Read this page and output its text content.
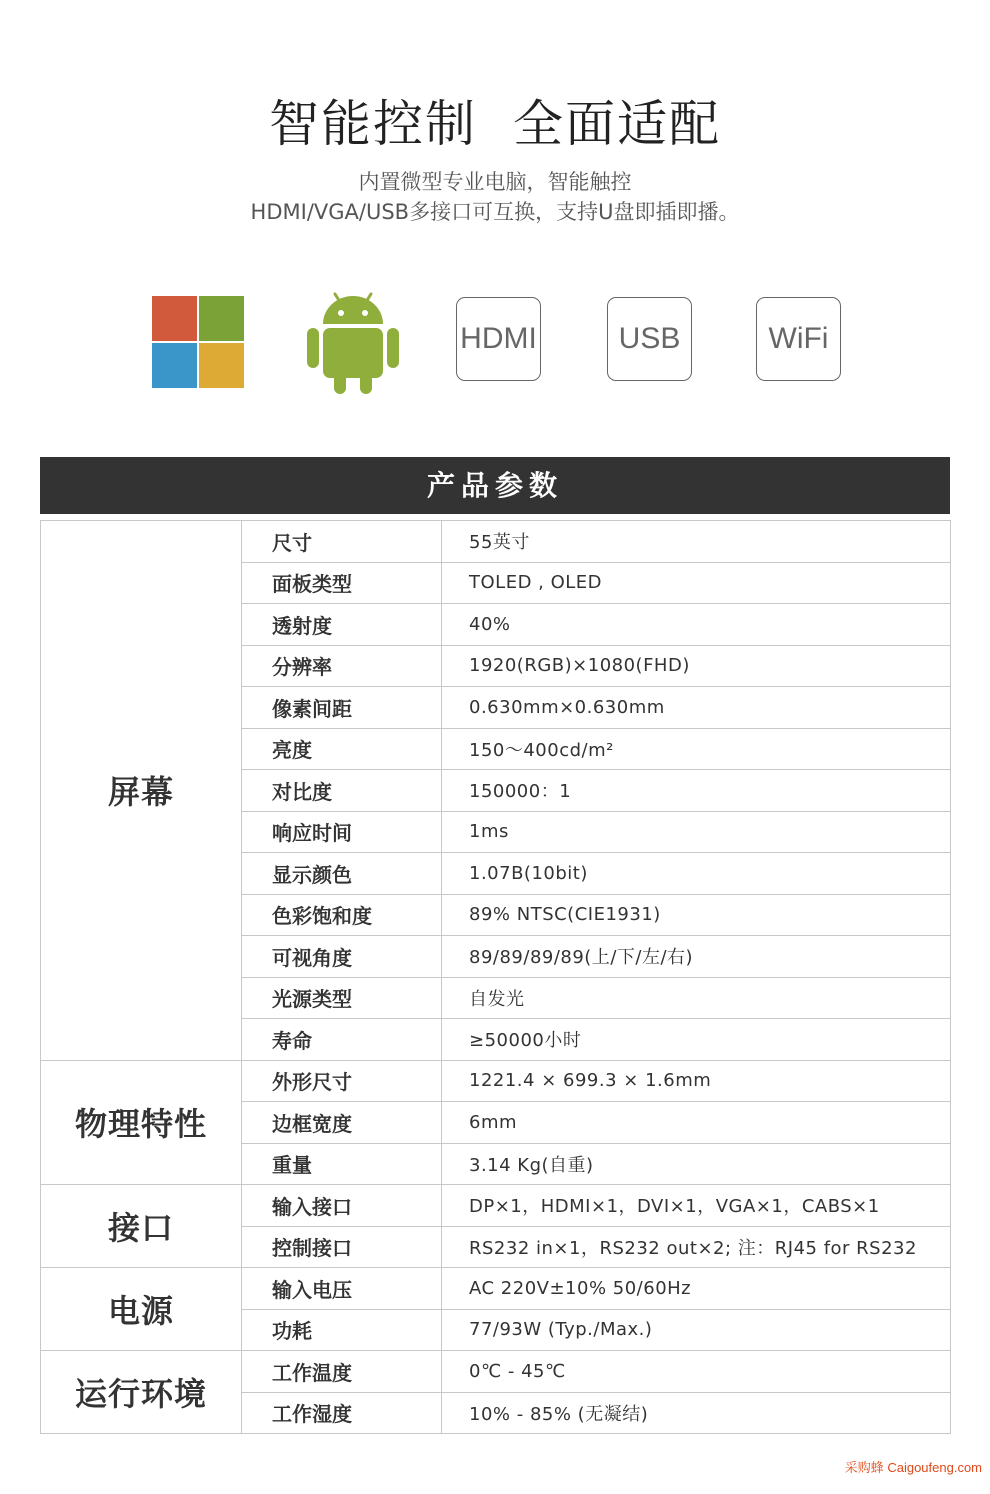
智能控制 全面适配
内置微型专业电脑，智能触控
HDMI/VGA/USB多接口可互换，支持U盘即插即播。
HDMI	USB	WiFi
产品参数
屏幕	尺寸	55英寸
	面板类型	TOLED , OLED
	透射度	40%
	分辨率	1920(RGB)×1080(FHD)
	像素间距	0.630mm×0.630mm
	亮度	150～400cd/m²
	对比度	150000：1
	响应时间	1ms
	显示颜色	1.07B(10bit)
	色彩饱和度	89% NTSC(CIE1931)
	可视角度	89/89/89/89(上/下/左/右)
	光源类型	自发光
	寿命	≥50000小时
物理特性	外形尺寸	1221.4 × 699.3 × 1.6mm
	边框宽度	6mm
	重量	3.14 Kg(自重)
接口	输入接口	DP×1，HDMI×1，DVI×1，VGA×1，CABS×1
	控制接口	RS232 in×1，RS232 out×2; 注：RJ45 for RS232
电源	输入电压	AC 220V±10% 50/60Hz
	功耗	77/93W (Typ./Max.)
运行环境	工作温度	0℃ - 45℃
	工作湿度	10% - 85% (无凝结)
采购蜂 Caigoufeng.com
